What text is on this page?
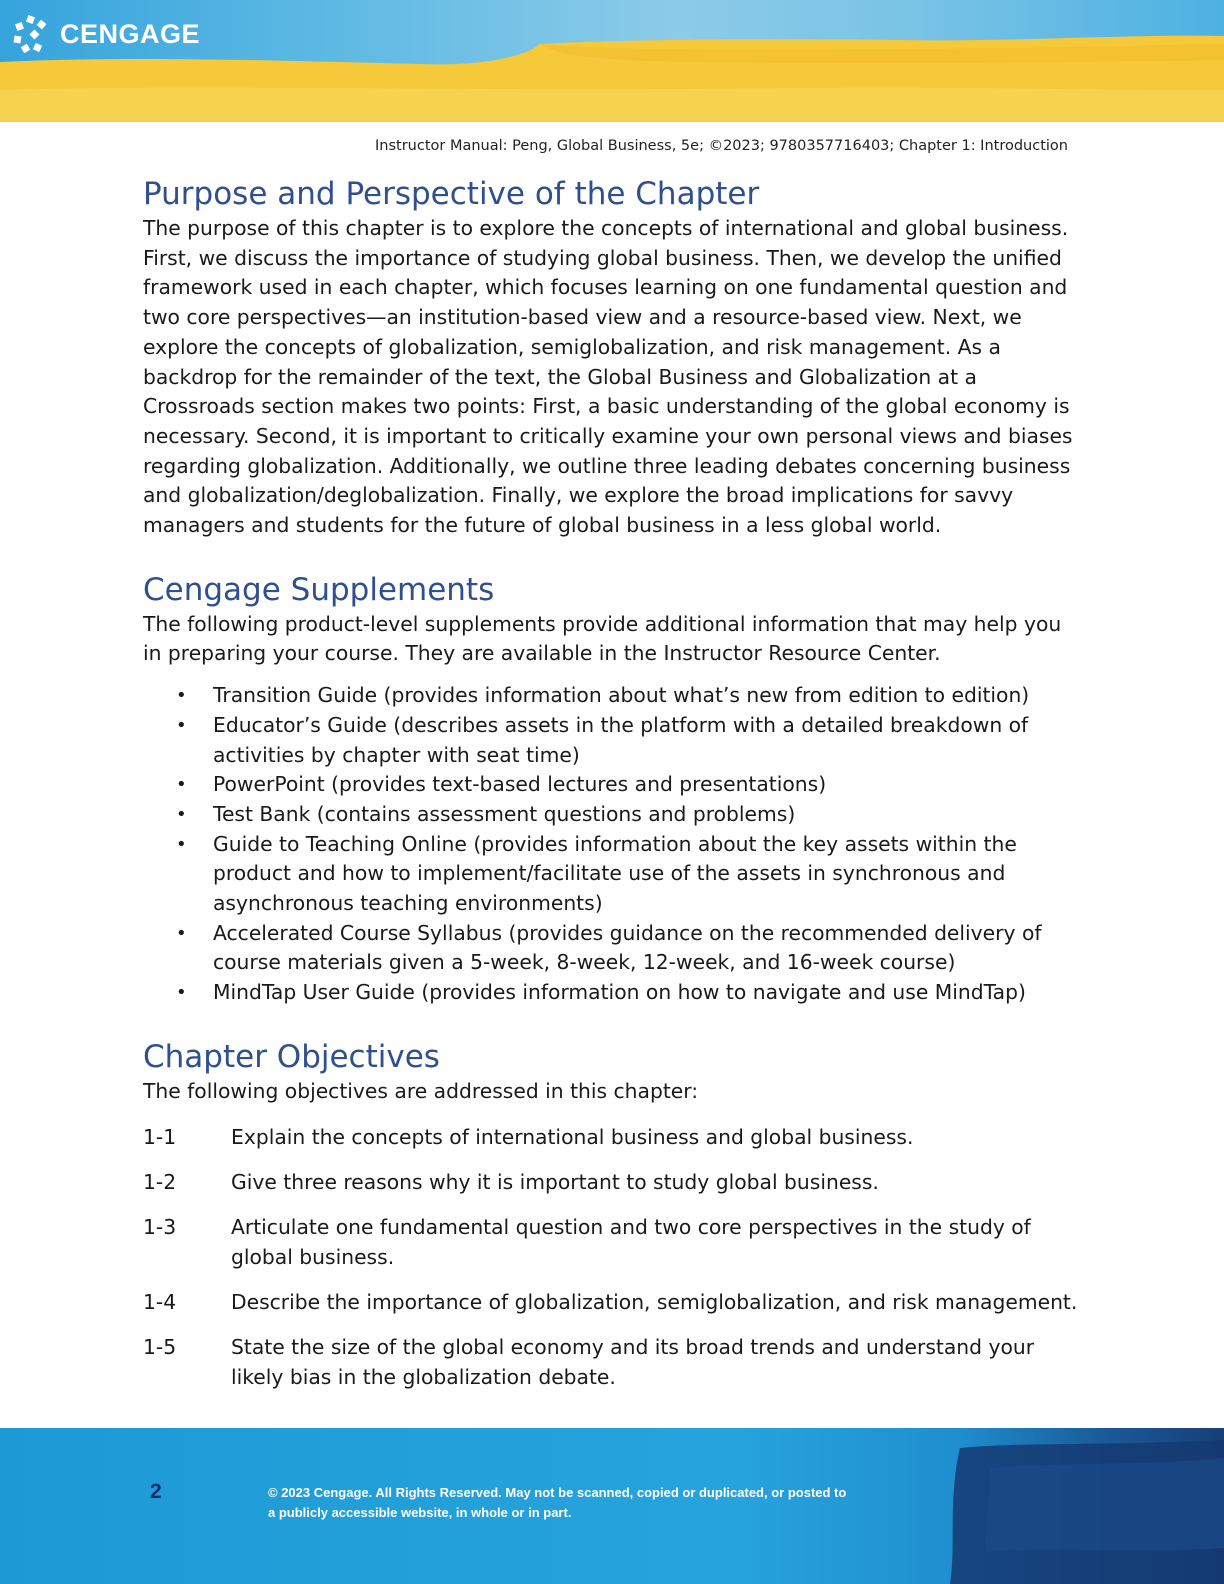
CENGAGE
Instructor Manual: Peng, Global Business, 5e; ©2023; 9780357716403; Chapter 1: Introduction
Purpose and Perspective of the Chapter

The purpose of this chapter is to explore the concepts of international and global business. First, we discuss the importance of studying global business. Then, we develop the unified framework used in each chapter, which focuses learning on one fundamental question and two core perspectives—an institution-based view and a resource-based view. Next, we explore the concepts of globalization, semiglobalization, and risk management. As a backdrop for the remainder of the text, the Global Business and Globalization at a Crossroads section makes two points: First, a basic understanding of the global economy is necessary. Second, it is important to critically examine your own personal views and biases regarding globalization. Additionally, we outline three leading debates concerning business and globalization/deglobalization. Finally, we explore the broad implications for savvy managers and students for the future of global business in a less global world.

Cengage Supplements

The following product-level supplements provide additional information that may help you in preparing your course. They are available in the Instructor Resource Center.

• Transition Guide (provides information about what’s new from edition to edition)
• Educator’s Guide (describes assets in the platform with a detailed breakdown of activities by chapter with seat time)
• PowerPoint (provides text-based lectures and presentations)
• Test Bank (contains assessment questions and problems)
• Guide to Teaching Online (provides information about the key assets within the product and how to implement/facilitate use of the assets in synchronous and asynchronous teaching environments)
• Accelerated Course Syllabus (provides guidance on the recommended delivery of course materials given a 5-week, 8-week, 12-week, and 16-week course)
• MindTap User Guide (provides information on how to navigate and use MindTap)
Chapter Objectives

The following objectives are addressed in this chapter:

1-1	Explain the concepts of international business and global business.
1-2	Give three reasons why it is important to study global business.
1-3	Articulate one fundamental question and two core perspectives in the study of global business.
1-4	Describe the importance of globalization, semiglobalization, and risk management.
1-5	State the size of the global economy and its broad trends and understand your likely bias in the globalization debate.
2	© 2023 Cengage. All Rights Reserved. May not be scanned, copied or duplicated, or posted to
a publicly accessible website, in whole or in part.
